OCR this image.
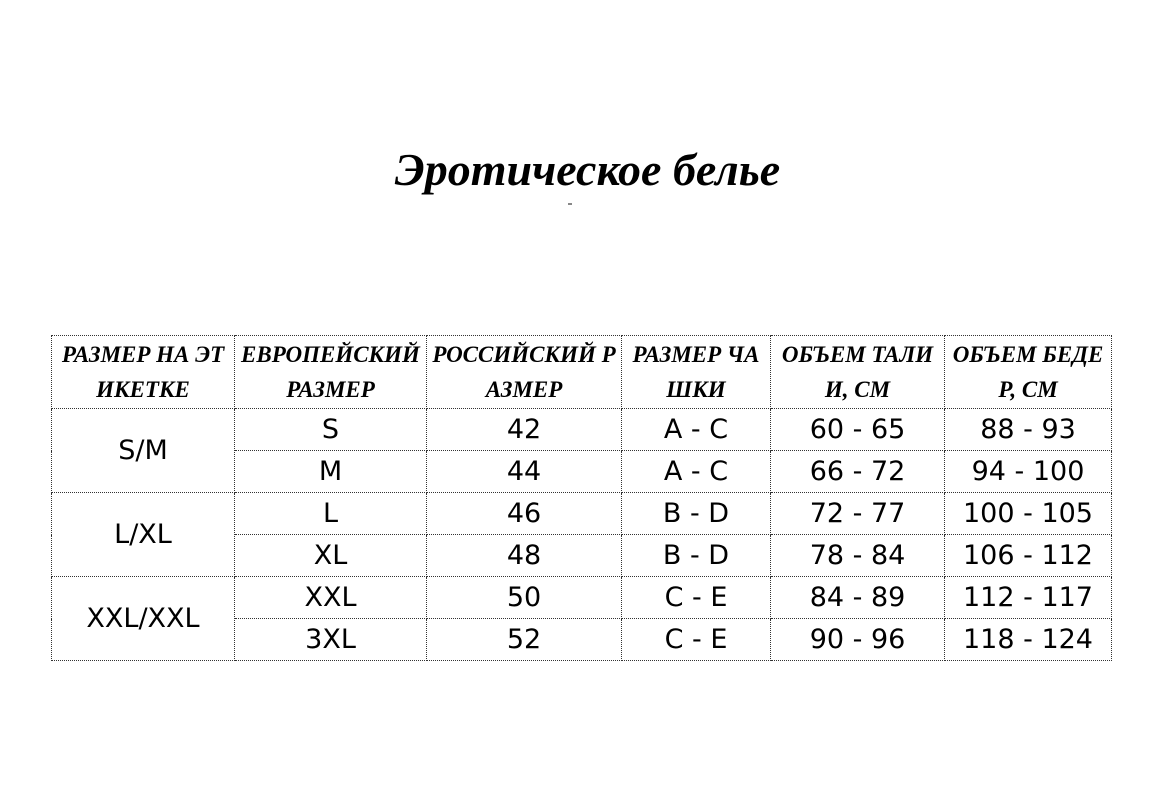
Эротическое белье
РАЗМЕР НА ЭТИКЕТКЕ	ЕВРОПЕЙСКИЙ РАЗМЕР	РОССИЙСКИЙ РАЗМЕР	РАЗМЕР ЧАШКИ	ОБЪЕМ ТАЛИИ, СМ	ОБЪЕМ БЕДЕР, СМ

S/M	S	42	A - C	60 - 65	88 - 93
	M	44	A - C	66 - 72	94 - 100
L/XL	L	46	B - D	72 - 77	100 - 105
	XL	48	B - D	78 - 84	106 - 112
XXL/XXL	XXL	50	C - E	84 - 89	112 - 117
	3XL	52	C - E	90 - 96	118 - 124
